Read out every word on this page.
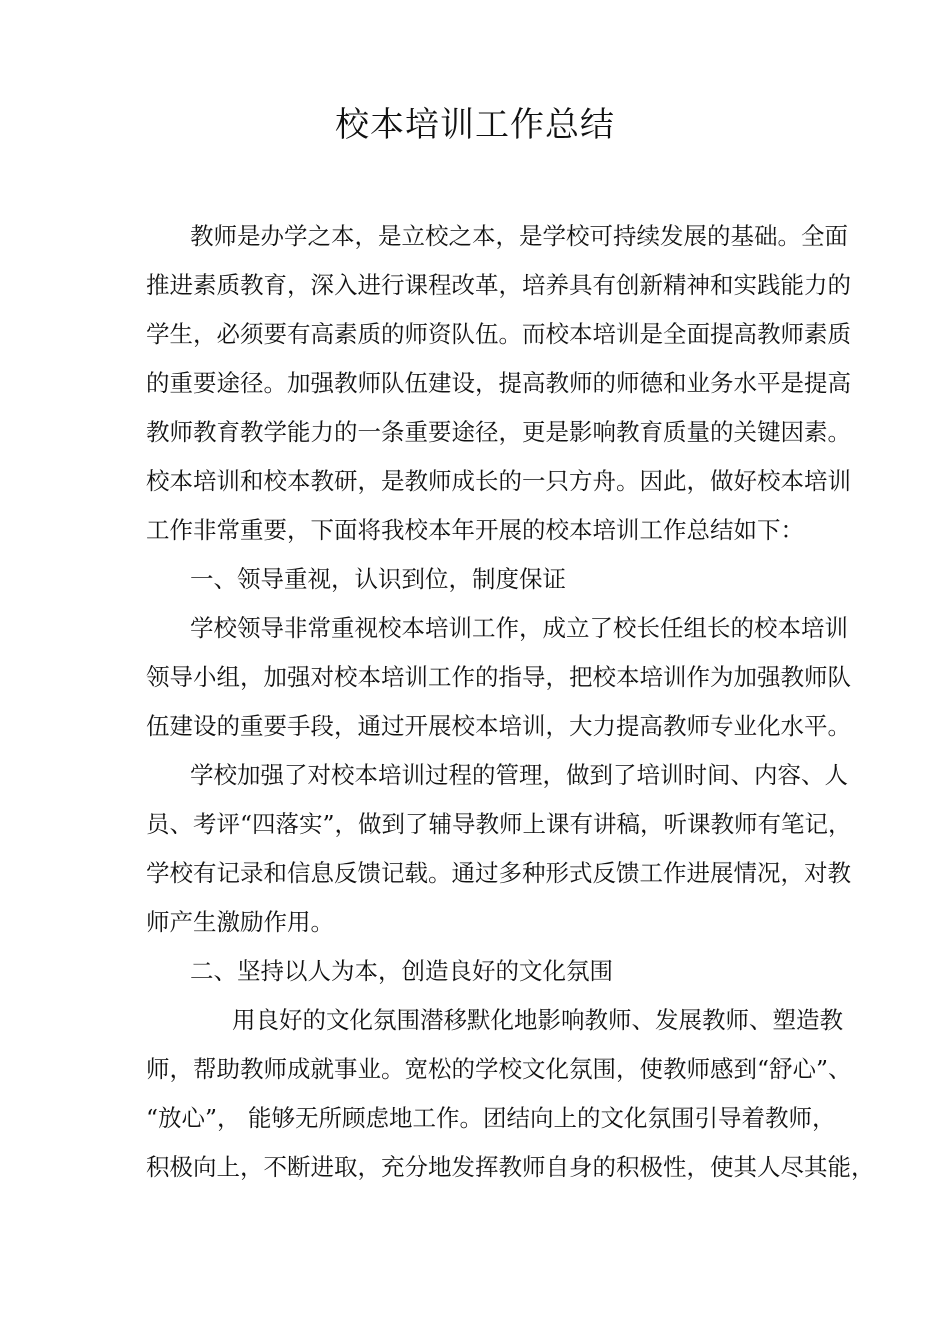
校本培训工作总结
教师是办学之本，是立校之本，是学校可持续发展的基础。全面
推进素质教育，深入进行课程改革，培养具有创新精神和实践能力的
学生，必须要有高素质的师资队伍。而校本培训是全面提高教师素质
的重要途径。加强教师队伍建设，提高教师的师德和业务水平是提高
教师教育教学能力的一条重要途径，更是影响教育质量的关键因素。
校本培训和校本教研，是教师成长的一只方舟。因此，做好校本培训
工作非常重要，下面将我校本年开展的校本培训工作总结如下：
一、领导重视，认识到位，制度保证
学校领导非常重视校本培训工作，成立了校长任组长的校本培训
领导小组，加强对校本培训工作的指导，把校本培训作为加强教师队
伍建设的重要手段，通过开展校本培训，大力提高教师专业化水平。
学校加强了对校本培训过程的管理，做到了培训时间、内容、人
员、考评“四落实”，做到了辅导教师上课有讲稿，听课教师有笔记，
学校有记录和信息反馈记载。通过多种形式反馈工作进展情况，对教
师产生激励作用。
二、坚持以人为本，创造良好的文化氛围
用良好的文化氛围潜移默化地影响教师、发展教师、塑造教
师，帮助教师成就事业。宽松的学校文化氛围，使教师感到“舒心”、
“放心”， 能够无所顾虑地工作。团结向上的文化氛围引导着教师，
积极向上，不断进取，充分地发挥教师自身的积极性，使其人尽其能，
